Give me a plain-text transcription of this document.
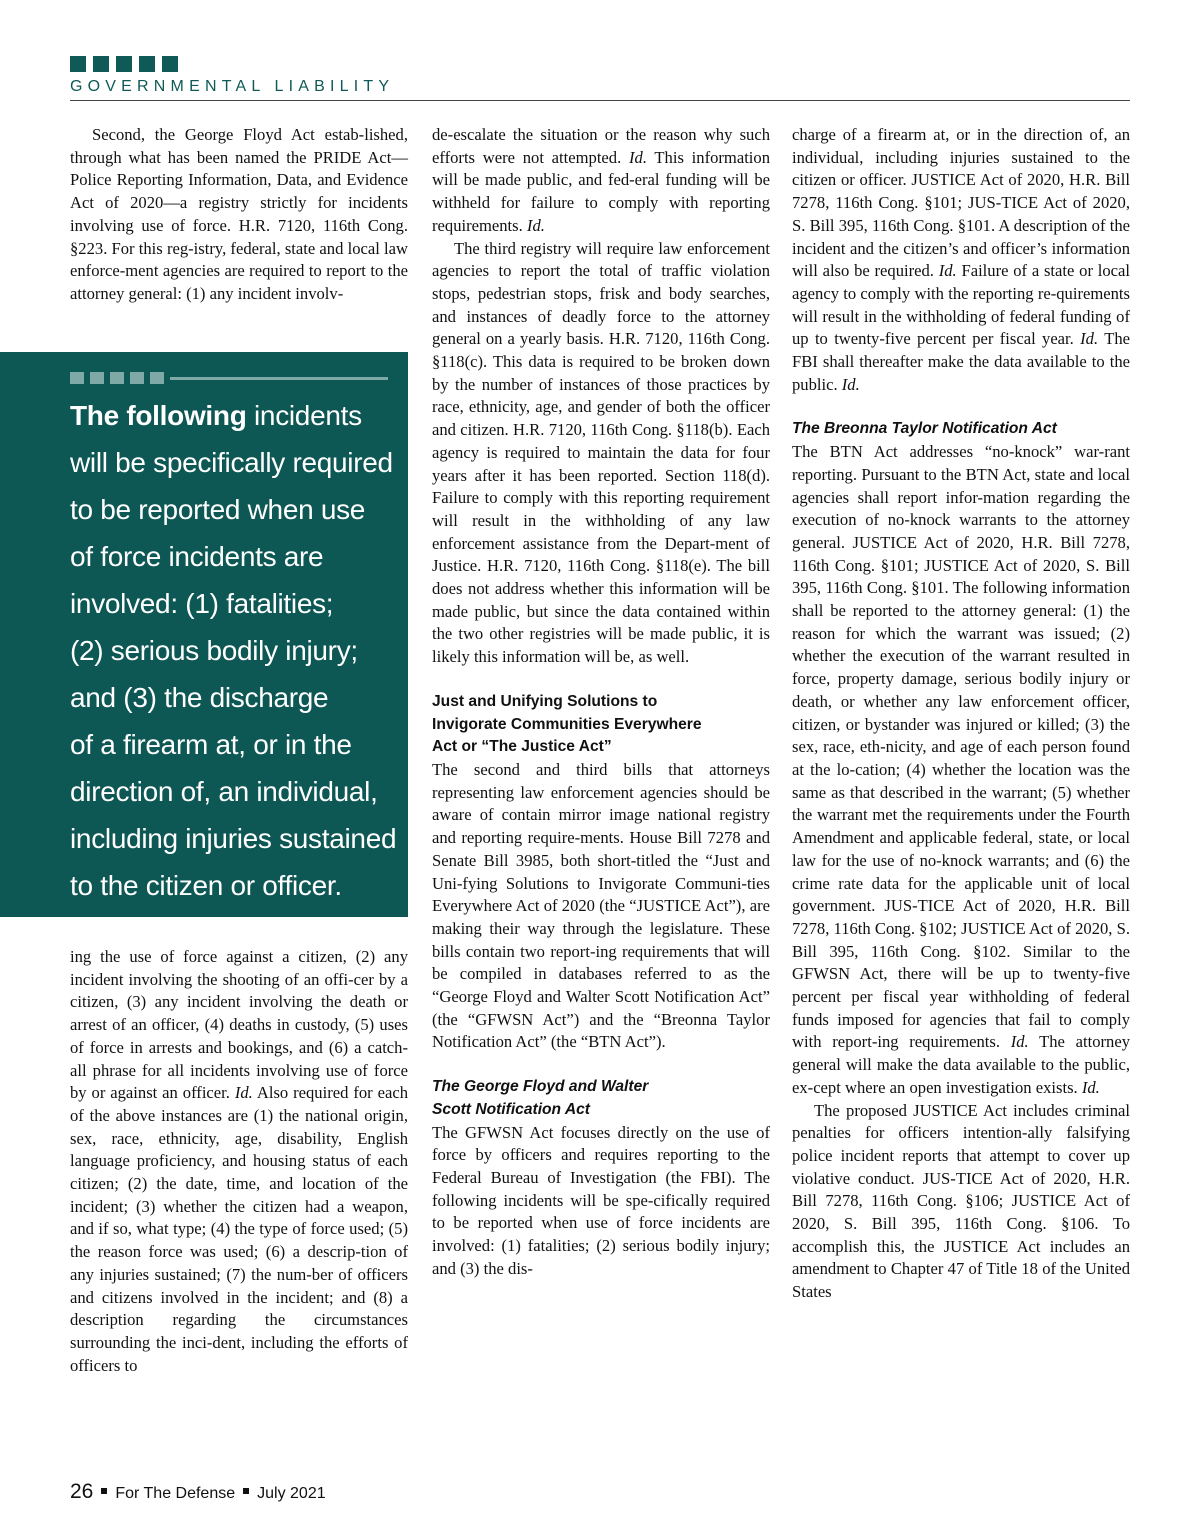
GOVERNMENTAL LIABILITY

Second, the George Floyd Act estab-lished, through what has been named the PRIDE Act—Police Reporting Information, Data, and Evidence Act of 2020—a registry strictly for incidents involving use of force. H.R. 7120, 116th Cong. §223. For this reg-istry, federal, state and local law enforce-ment agencies are required to report to the attorney general: (1) any incident involv-

The following incidents
will be specifically required
to be reported when use
of force incidents are
involved: (1) fatalities;
(2) serious bodily injury;
and (3) the discharge
of a firearm at, or in the
direction of, an individual,
including injuries sustained
to the citizen or officer.

ing the use of force against a citizen, (2) any incident involving the shooting of an offi-cer by a citizen, (3) any incident involving the death or arrest of an officer, (4) deaths in custody, (5) uses of force in arrests and bookings, and (6) a catch-all phrase for all incidents involving use of force by or against an officer. Id. Also required for each of the above instances are (1) the national origin, sex, race, ethnicity, age, disability, English language proficiency, and housing status of each citizen; (2) the date, time, and location of the incident; (3) whether the citizen had a weapon, and if so, what type; (4) the type of force used; (5) the reason force was used; (6) a descrip-tion of any injuries sustained; (7) the num-ber of officers and citizens involved in the incident; and (8) a description regarding the circumstances surrounding the inci-dent, including the efforts of officers to

de-escalate the situation or the reason why such efforts were not attempted. Id. This information will be made public, and fed-eral funding will be withheld for failure to comply with reporting requirements. Id.

The third registry will require law enforcement agencies to report the total of traffic violation stops, pedestrian stops, frisk and body searches, and instances of deadly force to the attorney general on a yearly basis. H.R. 7120, 116th Cong. §118(c). This data is required to be broken down by the number of instances of those practices by race, ethnicity, age, and gender of both the officer and citizen. H.R. 7120, 116th Cong. §118(b). Each agency is required to maintain the data for four years after it has been reported. Section 118(d). Failure to comply with this reporting requirement will result in the withholding of any law enforcement assistance from the Depart-ment of Justice. H.R. 7120, 116th Cong. §118(e). The bill does not address whether this information will be made public, but since the data contained within the two other registries will be made public, it is likely this information will be, as well.

Just and Unifying Solutions to
Invigorate Communities Everywhere
Act or “The Justice Act”

The second and third bills that attorneys representing law enforcement agencies should be aware of contain mirror image national registry and reporting require-ments. House Bill 7278 and Senate Bill 3985, both short-titled the “Just and Uni-fying Solutions to Invigorate Communi-ties Everywhere Act of 2020 (the “JUSTICE Act”), are making their way through the legislature. These bills contain two report-ing requirements that will be compiled in databases referred to as the “George Floyd and Walter Scott Notification Act” (the “GFWSN Act”) and the “Breonna Taylor Notification Act” (the “BTN Act”).

The George Floyd and Walter
Scott Notification Act

The GFWSN Act focuses directly on the use of force by officers and requires reporting to the Federal Bureau of Investigation (the FBI). The following incidents will be spe-cifically required to be reported when use of force incidents are involved: (1) fatalities; (2) serious bodily injury; and (3) the dis-

charge of a firearm at, or in the direction of, an individual, including injuries sustained to the citizen or officer. JUSTICE Act of 2020, H.R. Bill 7278, 116th Cong. §101; JUS-TICE Act of 2020, S. Bill 395, 116th Cong. §101. A description of the incident and the citizen’s and officer’s information will also be required. Id. Failure of a state or local agency to comply with the reporting re-quirements will result in the withholding of federal funding of up to twenty-five percent per fiscal year. Id. The FBI shall thereafter make the data available to the public. Id.

The Breonna Taylor Notification Act

The BTN Act addresses “no-knock” war-rant reporting. Pursuant to the BTN Act, state and local agencies shall report infor-mation regarding the execution of no-knock warrants to the attorney general. JUSTICE Act of 2020, H.R. Bill 7278, 116th Cong. §101; JUSTICE Act of 2020, S. Bill 395, 116th Cong. §101. The following information shall be reported to the attorney general: (1) the reason for which the warrant was issued; (2) whether the execution of the warrant resulted in force, property damage, serious bodily injury or death, or whether any law enforcement officer, citizen, or bystander was injured or killed; (3) the sex, race, eth-nicity, and age of each person found at the lo-cation; (4) whether the location was the same as that described in the warrant; (5) whether the warrant met the requirements under the Fourth Amendment and applicable federal, state, or local law for the use of no-knock warrants; and (6) the crime rate data for the applicable unit of local government. JUS-TICE Act of 2020, H.R. Bill 7278, 116th Cong. §102; JUSTICE Act of 2020, S. Bill 395, 116th Cong. §102. Similar to the GFWSN Act, there will be up to twenty-five percent per fiscal year withholding of federal funds imposed for agencies that fail to comply with report-ing requirements. Id. The attorney general will make the data available to the public, ex-cept where an open investigation exists. Id.

The proposed JUSTICE Act includes criminal penalties for officers intention-ally falsifying police incident reports that attempt to cover up violative conduct. JUS-TICE Act of 2020, H.R. Bill 7278, 116th Cong. §106; JUSTICE Act of 2020, S. Bill 395, 116th Cong. §106. To accomplish this, the JUSTICE Act includes an amendment to Chapter 47 of Title 18 of the United States

26 For The Defense July 2021
